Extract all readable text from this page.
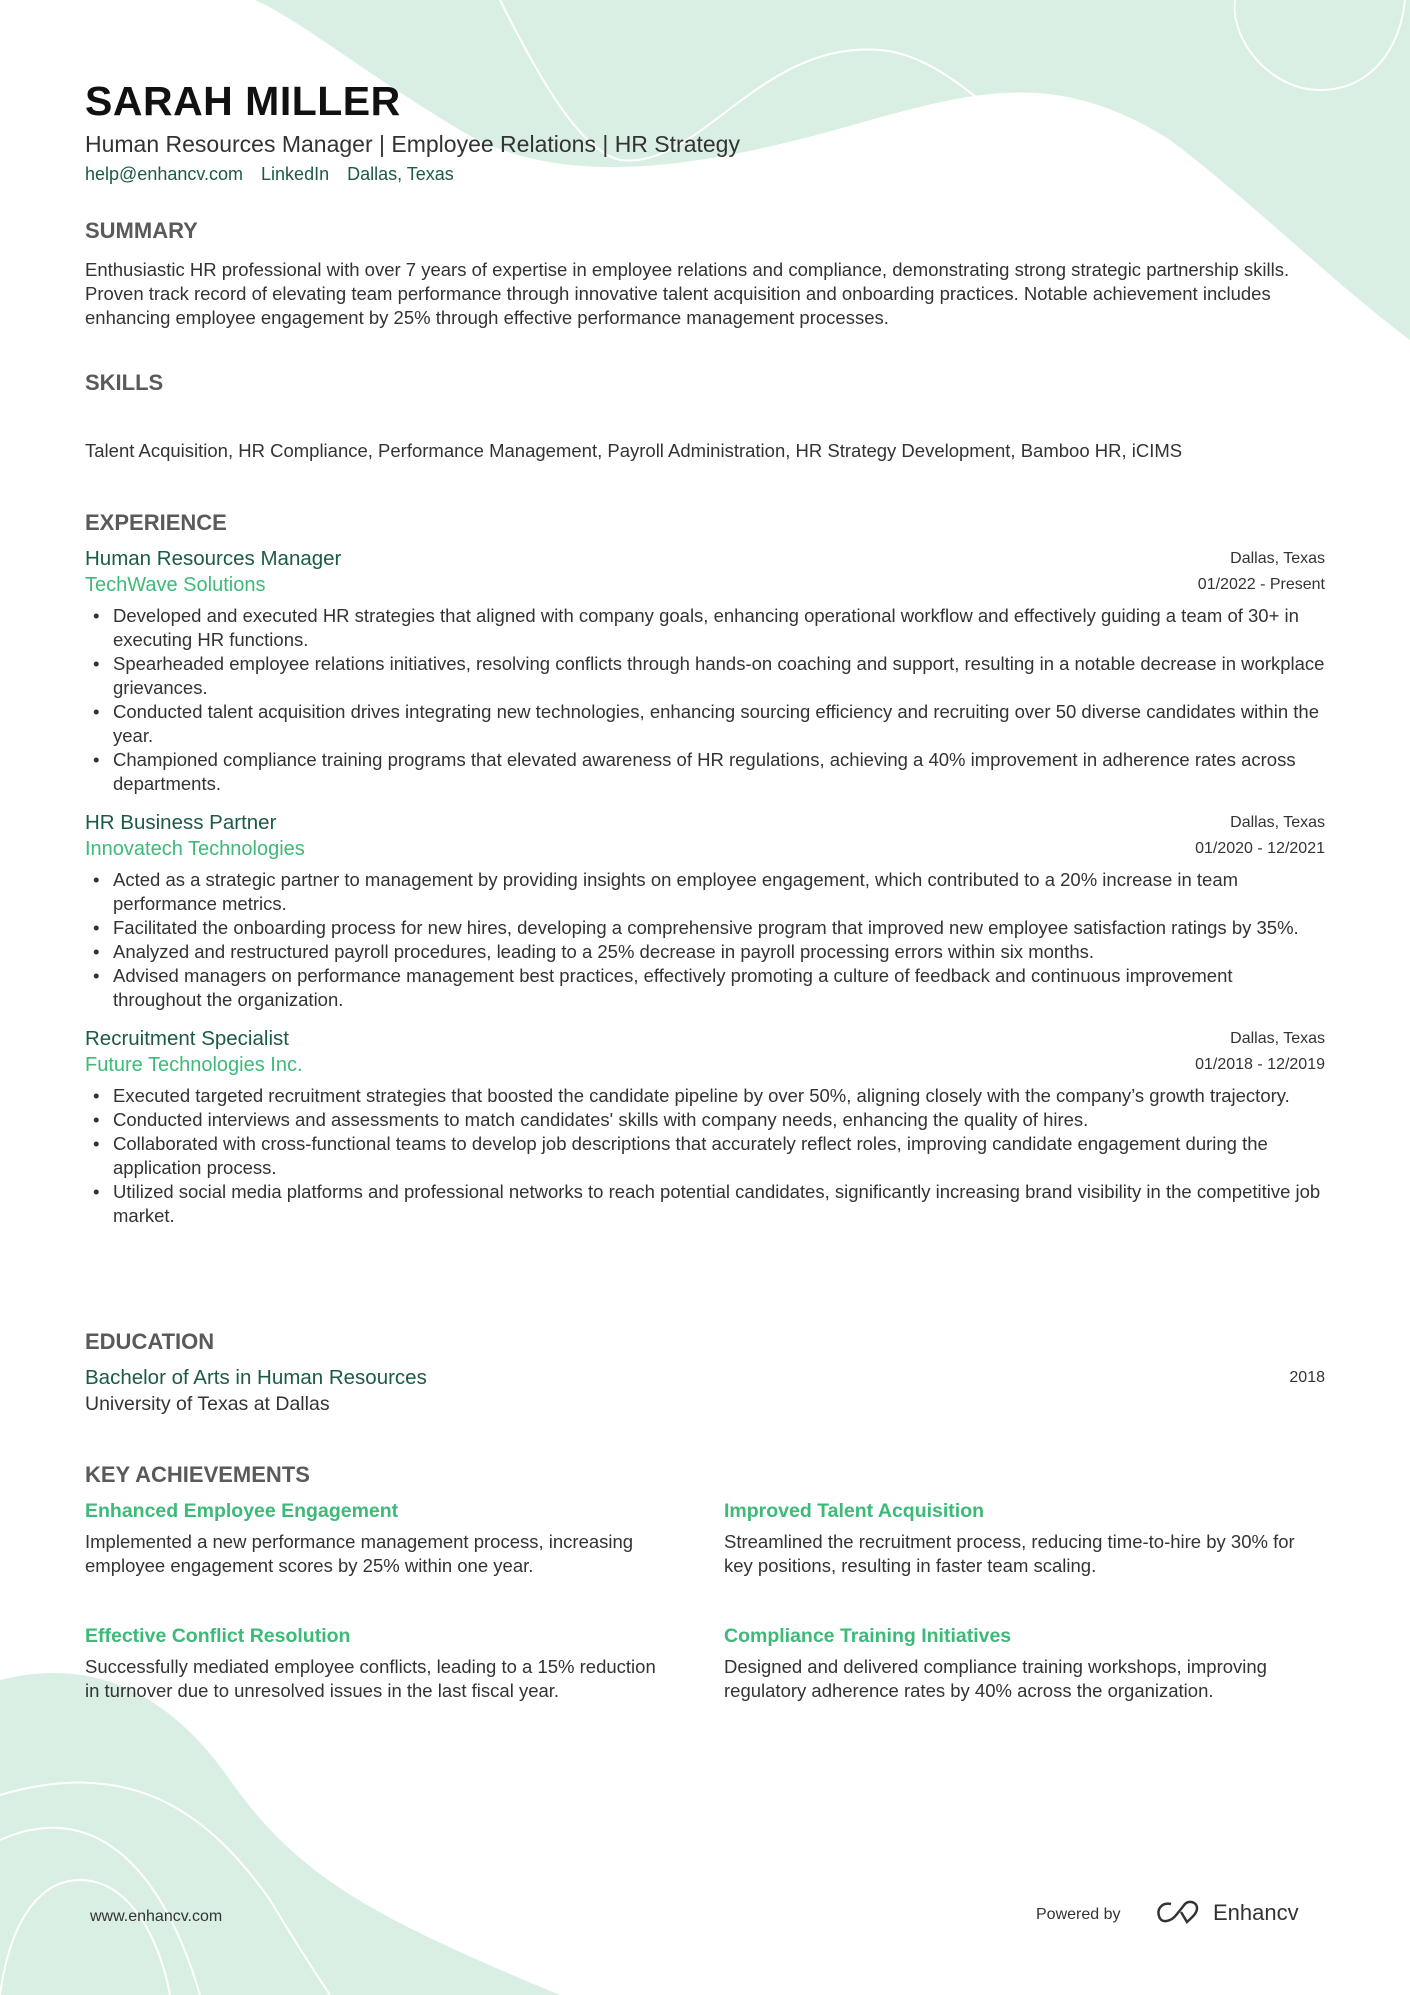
SARAH MILLER
Human Resources Manager | Employee Relations | HR Strategy
help@enhancv.com LinkedIn Dallas, Texas
SUMMARY
Enthusiastic HR professional with over 7 years of expertise in employee relations and compliance, demonstrating strong strategic partnership skills. Proven track record of elevating team performance through innovative talent acquisition and onboarding practices. Notable achievement includes enhancing employee engagement by 25% through effective performance management processes.
SKILLS
Talent Acquisition, HR Compliance, Performance Management, Payroll Administration, HR Strategy Development, Bamboo HR, iCIMS
EXPERIENCE
Human Resources Manager
TechWave Solutions
Dallas, Texas
01/2022 - Present
• Developed and executed HR strategies that aligned with company goals, enhancing operational workflow and effectively guiding a team of 30+ in executing HR functions.
• Spearheaded employee relations initiatives, resolving conflicts through hands-on coaching and support, resulting in a notable decrease in workplace grievances.
• Conducted talent acquisition drives integrating new technologies, enhancing sourcing efficiency and recruiting over 50 diverse candidates within the year.
• Championed compliance training programs that elevated awareness of HR regulations, achieving a 40% improvement in adherence rates across departments.
HR Business Partner
Innovatech Technologies
Dallas, Texas
01/2020 - 12/2021
• Acted as a strategic partner to management by providing insights on employee engagement, which contributed to a 20% increase in team performance metrics.
• Facilitated the onboarding process for new hires, developing a comprehensive program that improved new employee satisfaction ratings by 35%.
• Analyzed and restructured payroll procedures, leading to a 25% decrease in payroll processing errors within six months.
• Advised managers on performance management best practices, effectively promoting a culture of feedback and continuous improvement throughout the organization.
Recruitment Specialist
Future Technologies Inc.
Dallas, Texas
01/2018 - 12/2019
• Executed targeted recruitment strategies that boosted the candidate pipeline by over 50%, aligning closely with the company’s growth trajectory.
• Conducted interviews and assessments to match candidates' skills with company needs, enhancing the quality of hires.
• Collaborated with cross-functional teams to develop job descriptions that accurately reflect roles, improving candidate engagement during the application process.
• Utilized social media platforms and professional networks to reach potential candidates, significantly increasing brand visibility in the competitive job market.
EDUCATION
Bachelor of Arts in Human Resources
University of Texas at Dallas
2018
KEY ACHIEVEMENTS
Enhanced Employee Engagement
Implemented a new performance management process, increasing employee engagement scores by 25% within one year.
Improved Talent Acquisition
Streamlined the recruitment process, reducing time-to-hire by 30% for key positions, resulting in faster team scaling.
Effective Conflict Resolution
Successfully mediated employee conflicts, leading to a 15% reduction in turnover due to unresolved issues in the last fiscal year.
Compliance Training Initiatives
Designed and delivered compliance training workshops, improving regulatory adherence rates by 40% across the organization.
www.enhancv.com	Powered by	Enhancv
